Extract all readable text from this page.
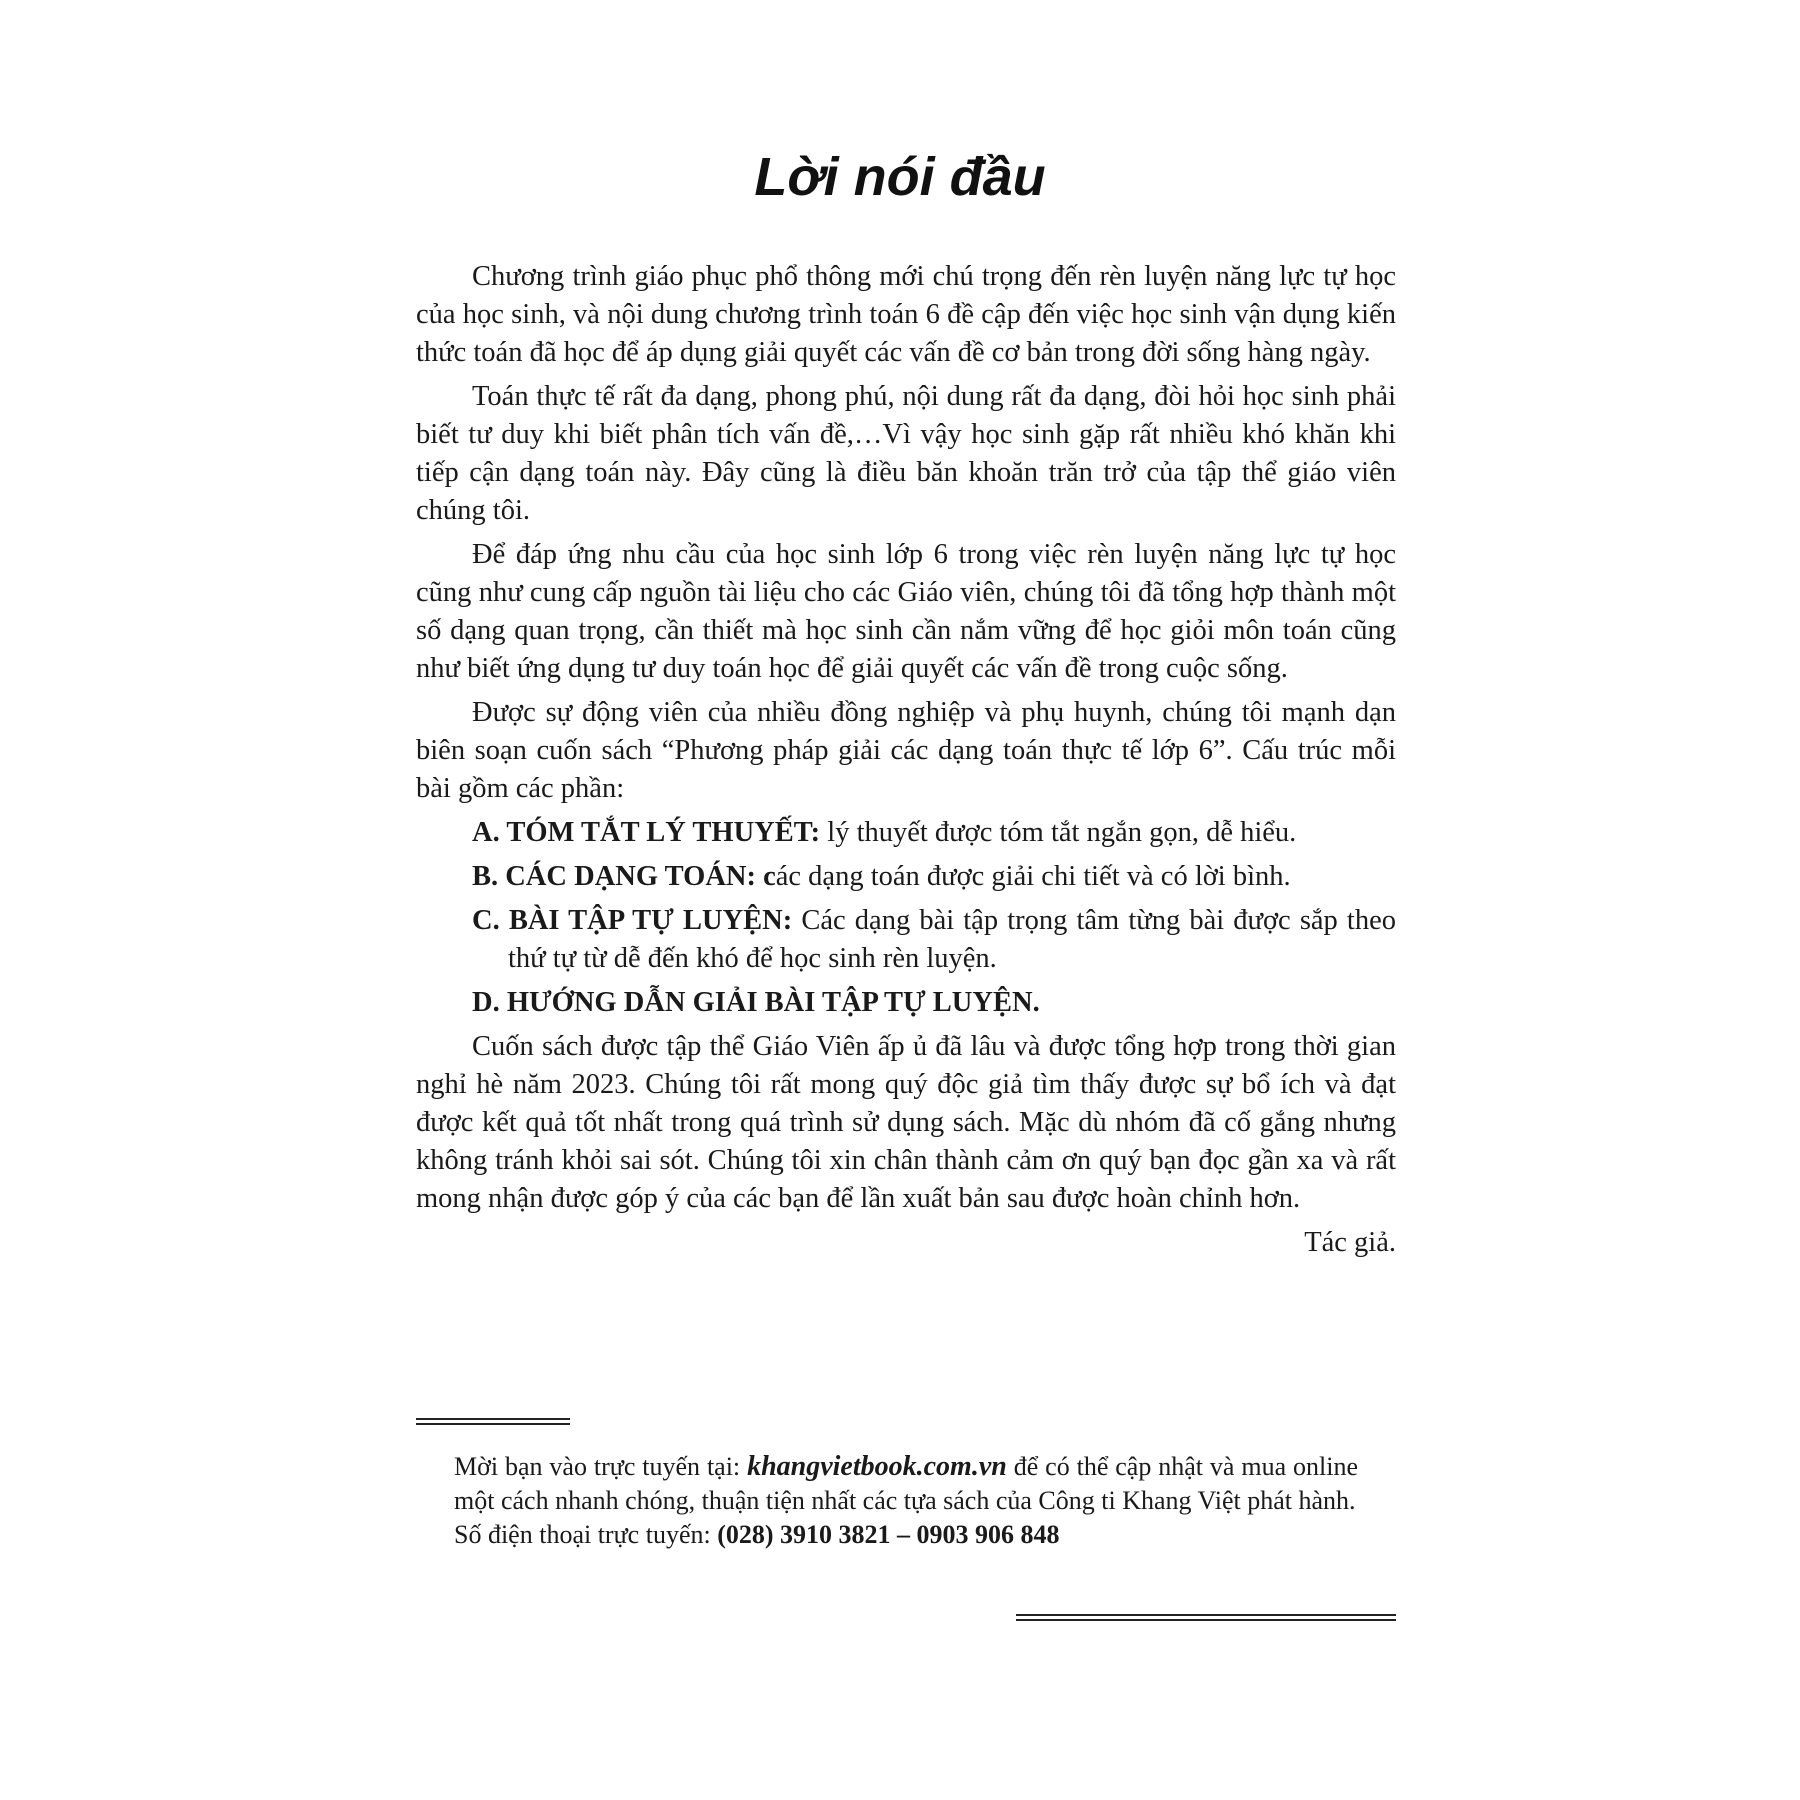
Lời nói đầu

Chương trình giáo phục phổ thông mới chú trọng đến rèn luyện năng lực tự học của học sinh, và nội dung chương trình toán 6 đề cập đến việc học sinh vận dụng kiến thức toán đã học để áp dụng giải quyết các vấn đề cơ bản trong đời sống hàng ngày.

Toán thực tế rất đa dạng, phong phú, nội dung rất đa dạng, đòi hỏi học sinh phải biết tư duy khi biết phân tích vấn đề,…Vì vậy học sinh gặp rất nhiều khó khăn khi tiếp cận dạng toán này. Đây cũng là điều băn khoăn trăn trở của tập thể giáo viên chúng tôi.

Để đáp ứng nhu cầu của học sinh lớp 6 trong việc rèn luyện năng lực tự học cũng như cung cấp nguồn tài liệu cho các Giáo viên, chúng tôi đã tổng hợp thành một số dạng quan trọng, cần thiết mà học sinh cần nắm vững để học giỏi môn toán cũng như biết ứng dụng tư duy toán học để giải quyết các vấn đề trong cuộc sống.

Được sự động viên của nhiều đồng nghiệp và phụ huynh, chúng tôi mạnh dạn biên soạn cuốn sách “Phương pháp giải các dạng toán thực tế lớp 6”. Cấu trúc mỗi bài gồm các phần:

A. TÓM TẮT LÝ THUYẾT: lý thuyết được tóm tắt ngắn gọn, dễ hiểu.
B. CÁC DẠNG TOÁN: các dạng toán được giải chi tiết và có lời bình.
C. BÀI TẬP TỰ LUYỆN: Các dạng bài tập trọng tâm từng bài được sắp theo thứ tự từ dễ đến khó để học sinh rèn luyện.
D. HƯỚNG DẪN GIẢI BÀI TẬP TỰ LUYỆN.

Cuốn sách được tập thể Giáo Viên ấp ủ đã lâu và được tổng hợp trong thời gian nghỉ hè năm 2023. Chúng tôi rất mong quý độc giả tìm thấy được sự bổ ích và đạt được kết quả tốt nhất trong quá trình sử dụng sách. Mặc dù nhóm đã cố gắng nhưng không tránh khỏi sai sót. Chúng tôi xin chân thành cảm ơn quý bạn đọc gần xa và rất mong nhận được góp ý của các bạn để lần xuất bản sau được hoàn chỉnh hơn.

Tác giả.

Mời bạn vào trực tuyến tại: khangvietbook.com.vn để có thể cập nhật và mua online một cách nhanh chóng, thuận tiện nhất các tựa sách của Công ti Khang Việt phát hành.

Số điện thoại trực tuyến: (028) 3910 3821 – 0903 906 848
